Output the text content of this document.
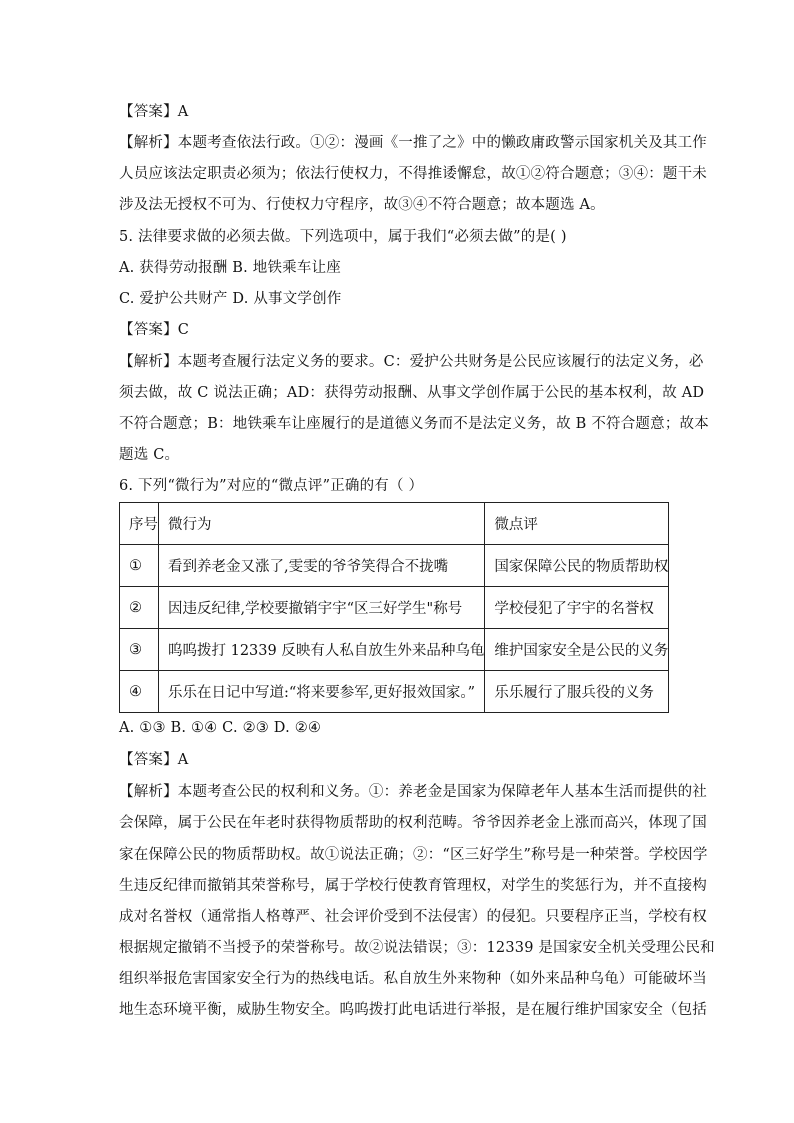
【答案】A
【解析】本题考查依法行政。①②：漫画《一推了之》中的懒政庸政警示国家机关及其工作
人员应该法定职责必须为；依法行使权力，不得推诿懈怠，故①②符合题意；③④：题干未
涉及法无授权不可为、行使权力守程序，故③④不符合题意；故本题选 A。
5. 法律要求做的必须去做。下列选项中，属于我们“必须去做”的是( )
A. 获得劳动报酬 B. 地铁乘车让座
C. 爱护公共财产 D. 从事文学创作
【答案】C
【解析】本题考查履行法定义务的要求。C：爱护公共财务是公民应该履行的法定义务，必
须去做，故 C 说法正确；AD：获得劳动报酬、从事文学创作属于公民的基本权利，故 AD
不符合题意；B：地铁乘车让座履行的是道德义务而不是法定义务，故 B 不符合题意；故本
题选 C。
6. 下列“微行为”对应的“微点评”正确的有（ ）
序号	微行为	微点评
①	看到养老金又涨了,雯雯的爷爷笑得合不拢嘴	国家保障公民的物质帮助权
②	因违反纪律,学校要撤销宇宇“区三好学生"称号	学校侵犯了宇宇的名誉权
③	呜呜拨打 12339 反映有人私自放生外来品种乌龟	维护国家安全是公民的义务
④	乐乐在日记中写道:“将来要参军,更好报效国家。”	乐乐履行了服兵役的义务
A. ①③ B. ①④ C. ②③ D. ②④
【答案】A
【解析】本题考查公民的权利和义务。①：养老金是国家为保障老年人基本生活而提供的社
会保障，属于公民在年老时获得物质帮助的权利范畴。爷爷因养老金上涨而高兴，体现了国
家在保障公民的物质帮助权。故①说法正确；②：“区三好学生”称号是一种荣誉。学校因学
生违反纪律而撤销其荣誉称号，属于学校行使教育管理权，对学生的奖惩行为，并不直接构
成对名誉权（通常指人格尊严、社会评价受到不法侵害）的侵犯。只要程序正当，学校有权
根据规定撤销不当授予的荣誉称号。故②说法错误；③：12339 是国家安全机关受理公民和
组织举报危害国家安全行为的热线电话。私自放生外来物种（如外来品种乌龟）可能破坏当
地生态环境平衡，威胁生物安全。呜呜拨打此电话进行举报，是在履行维护国家安全（包括
